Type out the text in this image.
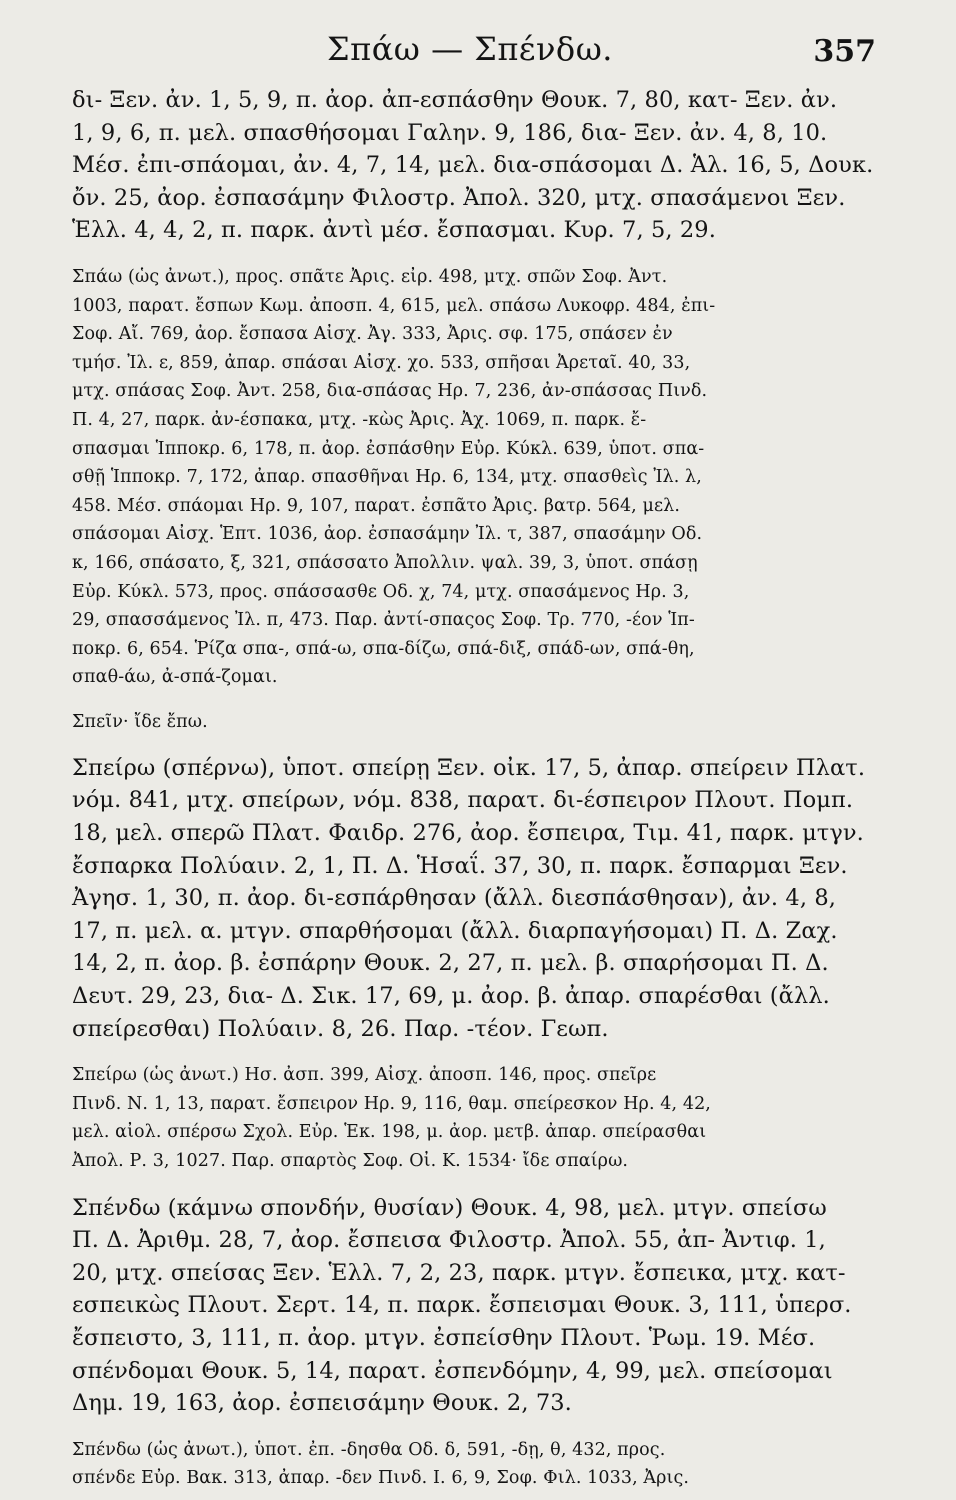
Σπάω — Σπένδω.	357
δι- Ξεν. ἀν. 1, 5, 9, π. ἀορ. ἀπ-εσπάσθην Θουκ. 7, 80, κατ- Ξεν. ἀν.
1, 9, 6, π. μελ. σπασθήσομαι Γαλην. 9, 186, δια- Ξεν. ἀν. 4, 8, 10.
Μέσ. ἐπι-σπάομαι, ἀν. 4, 7, 14, μελ. δια-σπάσομαι Δ. Ἁλ. 16, 5, Δουκ.
ὄν. 25, ἀορ. ἐσπασάμην Φιλοστρ. Ἀπολ. 320, μτχ. σπασάμενοι Ξεν.
Ἑλλ. 4, 4, 2, π. παρκ. ἀντὶ μέσ. ἔσπασμαι. Κυρ. 7, 5, 29.
Σπάω (ὡς ἀνωτ.), προς. σπᾶτε Ἀρις. εἰρ. 498, μτχ. σπῶν Σοφ. Ἀντ.
1003, παρατ. ἔσπων Κωμ. ἀποσπ. 4, 615, μελ. σπάσω Λυκοφρ. 484, ἐπι-
Σοφ. Αἴ. 769, ἀορ. ἔσπασα Αἰσχ. Ἀγ. 333, Ἀρις. σφ. 175, σπάσεν ἐν
τμήσ. Ἰλ. ε, 859, ἀπαρ. σπάσαι Αἰσχ. χο. 533, σπῆσαι Ἀρεταῖ. 40, 33,
μτχ. σπάσας Σοφ. Ἀντ. 258, δια-σπάσας Ηρ. 7, 236, ἀν-σπάσσας Πινδ.
Π. 4, 27, παρκ. ἀν-έσπακα, μτχ. -κὼς Ἀρις. Ἀχ. 1069, π. παρκ. ἔ-
σπασμαι Ἱπποκρ. 6, 178, π. ἀορ. ἐσπάσθην Εὐρ. Κύκλ. 639, ὑποτ. σπα-
σθῇ Ἱπποκρ. 7, 172, ἀπαρ. σπασθῆναι Ηρ. 6, 134, μτχ. σπασθεὶς Ἰλ. λ,
458. Μέσ. σπάομαι Ηρ. 9, 107, παρατ. ἐσπᾶτο Ἀρις. βατρ. 564, μελ.
σπάσομαι Αἰσχ. Ἑπτ. 1036, ἀορ. ἐσπασάμην Ἰλ. τ, 387, σπασάμην Οδ.
κ, 166, σπάσατο, ξ, 321, σπάσσατο Ἀπολλιν. ψαλ. 39, 3, ὑποτ. σπάσῃ
Εὐρ. Κύκλ. 573, προς. σπάσσασθε Οδ. χ, 74, μτχ. σπασάμενος Ηρ. 3,
29, σπασσάμενος Ἰλ. π, 473. Παρ. ἀντί-σπαςος Σοφ. Τρ. 770, -έον Ἱπ-
ποκρ. 6, 654. Ῥίζα σπα-, σπά-ω, σπα-δίζω, σπά-διξ, σπάδ-ων, σπά-θη,
σπαθ-άω, ἀ-σπά-ζομαι.
Σπεῖν· ἴδε ἔπω.
Σπείρω (σπέρνω), ὑποτ. σπείρῃ Ξεν. οἰκ. 17, 5, ἀπαρ. σπείρειν Πλατ.
νόμ. 841, μτχ. σπείρων, νόμ. 838, παρατ. δι-έσπειρον Πλουτ. Πομπ.
18, μελ. σπερῶ Πλατ. Φαιδρ. 276, ἀορ. ἔσπειρα, Τιμ. 41, παρκ. μτγν.
ἔσπαρκα Πολύαιν. 2, 1, Π. Δ. Ἡσαΐ. 37, 30, π. παρκ. ἔσπαρμαι Ξεν.
Ἀγησ. 1, 30, π. ἀορ. δι-εσπάρθησαν (ἄλλ. διεσπάσθησαν), ἀν. 4, 8,
17, π. μελ. α. μτγν. σπαρθήσομαι (ἄλλ. διαρπαγήσομαι) Π. Δ. Ζαχ.
14, 2, π. ἀορ. β. ἐσπάρην Θουκ. 2, 27, π. μελ. β. σπαρήσομαι Π. Δ.
Δευτ. 29, 23, δια- Δ. Σικ. 17, 69, μ. ἀορ. β. ἀπαρ. σπαρέσθαι (ἄλλ.
σπείρεσθαι) Πολύαιν. 8, 26. Παρ. -τέον. Γεωπ.
Σπείρω (ὡς ἀνωτ.) Ησ. ἀσπ. 399, Αἰσχ. ἀποσπ. 146, προς. σπεῖρε
Πινδ. Ν. 1, 13, παρατ. ἔσπειρον Ηρ. 9, 116, θαμ. σπείρεσκον Ηρ. 4, 42,
μελ. αἰολ. σπέρσω Σχολ. Εὐρ. Ἑκ. 198, μ. ἀορ. μετβ. ἀπαρ. σπείρασθαι
Ἀπολ. Ρ. 3, 1027. Παρ. σπαρτὸς Σοφ. Οἰ. Κ. 1534· ἴδε σπαίρω.
Σπένδω (κάμνω σπονδήν, θυσίαν) Θουκ. 4, 98, μελ. μτγν. σπείσω
Π. Δ. Ἀριθμ. 28, 7, ἀορ. ἔσπεισα Φιλοστρ. Ἀπολ. 55, ἀπ- Ἀντιφ. 1,
20, μτχ. σπείσας Ξεν. Ἑλλ. 7, 2, 23, παρκ. μτγν. ἔσπεικα, μτχ. κατ-
εσπεικὼς Πλουτ. Σερτ. 14, π. παρκ. ἔσπεισμαι Θουκ. 3, 111, ὑπερσ.
ἔσπειστο, 3, 111, π. ἀορ. μτγν. ἐσπείσθην Πλουτ. Ῥωμ. 19. Μέσ.
σπένδομαι Θουκ. 5, 14, παρατ. ἐσπενδόμην, 4, 99, μελ. σπείσομαι
Δημ. 19, 163, ἀορ. ἐσπεισάμην Θουκ. 2, 73.
Σπένδω (ὡς ἀνωτ.), ὑποτ. ἐπ. -δησθα Οδ. δ, 591, -δῃ, θ, 432, προς.
σπένδε Εὐρ. Βακ. 313, ἀπαρ. -δεν Πινδ. Ι. 6, 9, Σοφ. Φιλ. 1033, Ἀρις.
